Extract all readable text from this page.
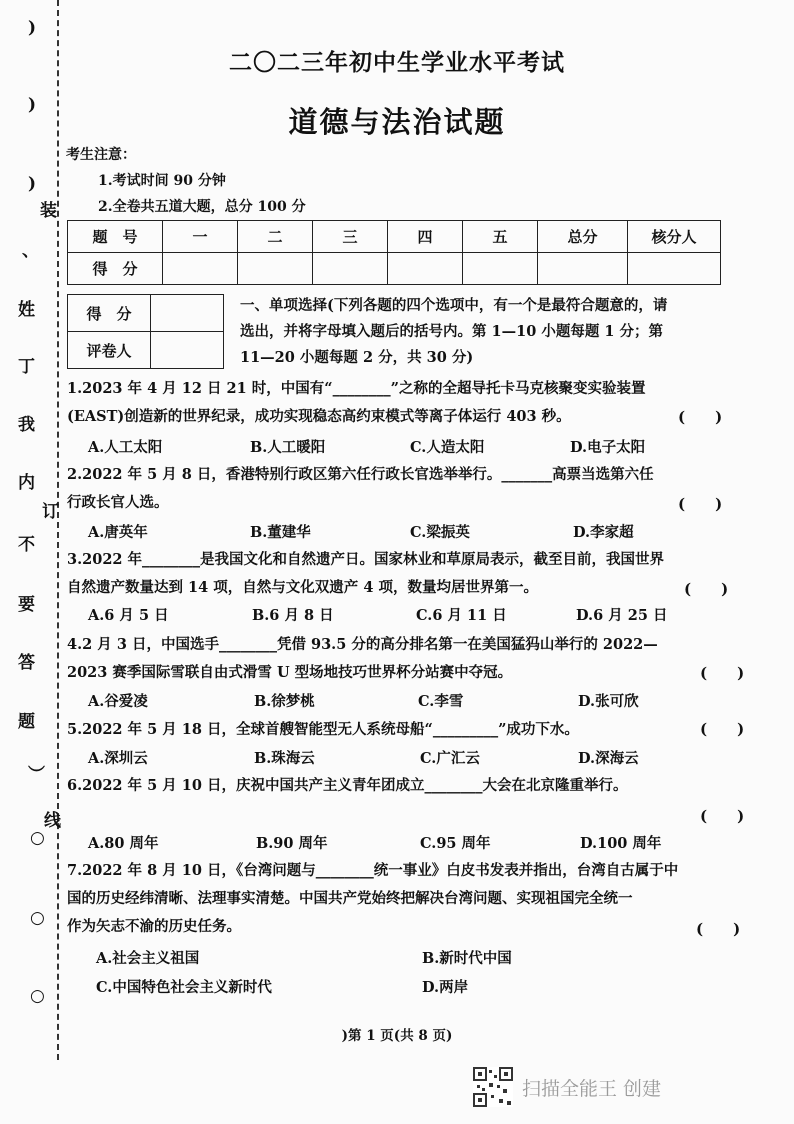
)
)
)
装
、
姓
丁
我
内
订
不
要
答
题
︶
线
○
○
○
二〇二三年初中生学业水平考试
道德与法治试题
考生注意：
1.考试时间 90 分钟
2.全卷共五道大题，总分 100 分
题　号	一	二	三	四	五	总分	核分人
得　分							
得　分	
评卷人	
一、单项选择(下列各题的四个选项中，有一个是最符合题意的，请
选出，并将字母填入题后的括号内。第 1—10 小题每题 1 分；第
11—20 小题每题 2 分，共 30 分)
1.2023 年 4 月 12 日 21 时，中国有“________”之称的全超导托卡马克核聚变实验装置
(EAST)创造新的世界纪录，成功实现稳态高约束模式等离子体运行 403 秒。	(　　)
A.人工太阳	B.人工暖阳	C.人造太阳	D.电子太阳
2.2022 年 5 月 8 日，香港特别行政区第六任行政长官选举举行。_______高票当选第六任
行政长官人选。	(　　)
A.唐英年	B.董建华	C.梁振英	D.李家超
3.2022 年________是我国文化和自然遗产日。国家林业和草原局表示，截至目前，我国世界
自然遗产数量达到 14 项，自然与文化双遗产 4 项，数量均居世界第一。	(　　)
A.6 月 5 日	B.6 月 8 日	C.6 月 11 日	D.6 月 25 日
4.2 月 3 日，中国选手________凭借 93.5 分的高分排名第一在美国猛犸山举行的 2022—
2023 赛季国际雪联自由式滑雪 U 型场地技巧世界杯分站赛中夺冠。	(　　)
A.谷爱凌	B.徐梦桃	C.李雪	D.张可欣
5.2022 年 5 月 18 日，全球首艘智能型无人系统母船“_________”成功下水。	(　　)
A.深圳云	B.珠海云	C.广汇云	D.深海云
6.2022 年 5 月 10 日，庆祝中国共产主义青年团成立________大会在北京隆重举行。
(　　)
A.80 周年	B.90 周年	C.95 周年	D.100 周年
7.2022 年 8 月 10 日，《台湾问题与________统一事业》白皮书发表并指出，台湾自古属于中
国的历史经纬清晰、法理事实清楚。中国共产党始终把解决台湾问题、实现祖国完全统一
作为矢志不渝的历史任务。	(　　)
A.社会主义祖国	B.新时代中国
C.中国特色社会主义新时代	D.两岸
)第 1 页(共 8 页)
扫描全能王 创建
